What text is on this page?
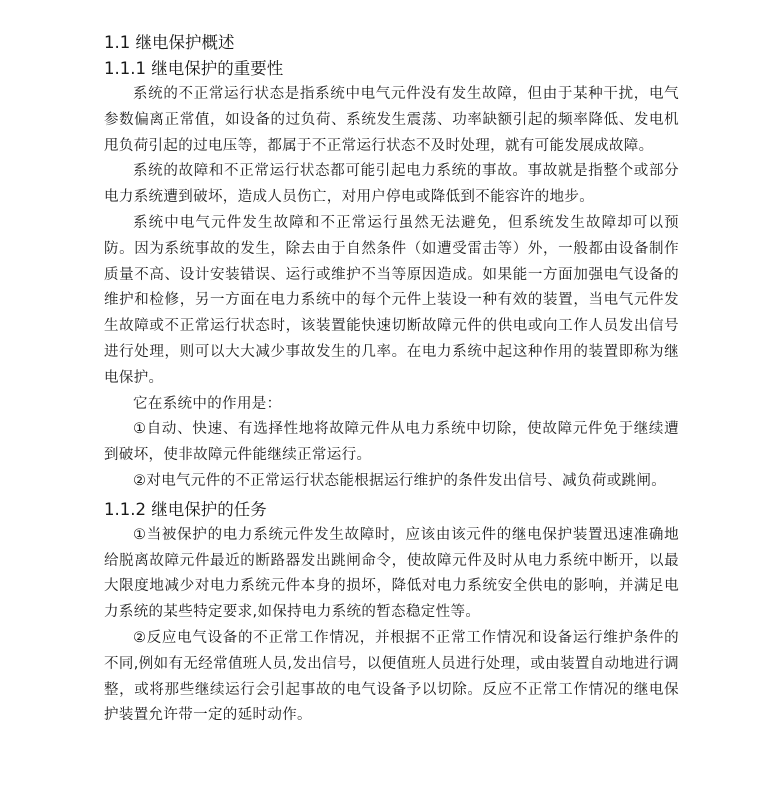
1.1 继电保护概述
1.1.1 继电保护的重要性

系统的不正常运行状态是指系统中电气元件没有发生故障，但由于某种干扰，电气参数偏离正常值，如设备的过负荷、系统发生震荡、功率缺额引起的频率降低、发电机甩负荷引起的过电压等，都属于不正常运行状态不及时处理，就有可能发展成故障。

系统的故障和不正常运行状态都可能引起电力系统的事故。事故就是指整个或部分电力系统遭到破坏，造成人员伤亡，对用户停电或降低到不能容许的地步。

系统中电气元件发生故障和不正常运行虽然无法避免，但系统发生故障却可以预防。因为系统事故的发生，除去由于自然条件（如遭受雷击等）外，一般都由设备制作质量不高、设计安装错误、运行或维护不当等原因造成。如果能一方面加强电气设备的维护和检修，另一方面在电力系统中的每个元件上装设一种有效的装置，当电气元件发生故障或不正常运行状态时，该装置能快速切断故障元件的供电或向工作人员发出信号进行处理，则可以大大减少事故发生的几率。在电力系统中起这种作用的装置即称为继电保护。

它在系统中的作用是：

①自动、快速、有选择性地将故障元件从电力系统中切除，使故障元件免于继续遭到破坏，使非故障元件能继续正常运行。

②对电气元件的不正常运行状态能根据运行维护的条件发出信号、减负荷或跳闸。

1.1.2 继电保护的任务

①当被保护的电力系统元件发生故障时，应该由该元件的继电保护装置迅速准确地给脱离故障元件最近的断路器发出跳闸命令，使故障元件及时从电力系统中断开，以最大限度地减少对电力系统元件本身的损坏，降低对电力系统安全供电的影响，并满足电力系统的某些特定要求,如保持电力系统的暂态稳定性等。

②反应电气设备的不正常工作情况，并根据不正常工作情况和设备运行维护条件的不同,例如有无经常值班人员,发出信号，以便值班人员进行处理，或由装置自动地进行调整，或将那些继续运行会引起事故的电气设备予以切除。反应不正常工作情况的继电保护装置允许带一定的延时动作。
